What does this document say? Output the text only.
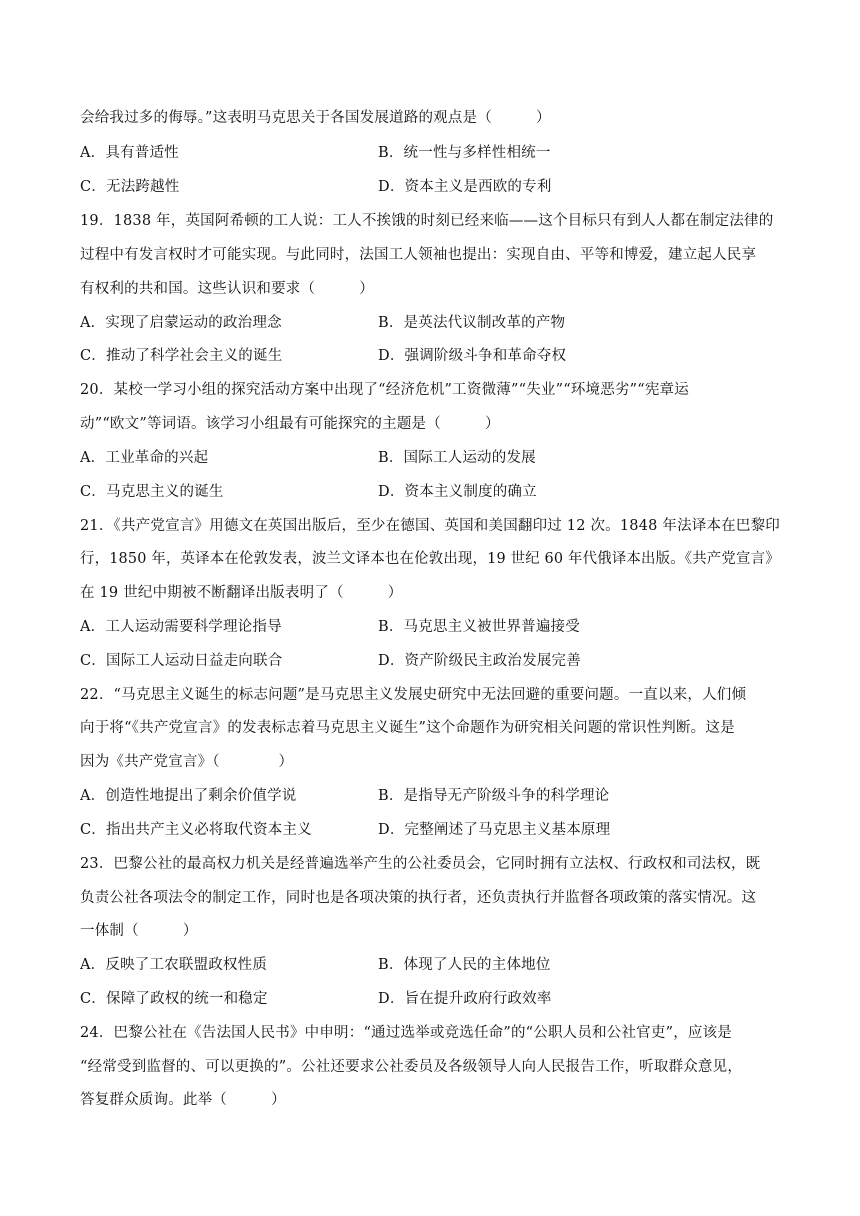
会给我过多的侮辱。”这表明马克思关于各国发展道路的观点是（　　　）
A．具有普适性	B．统一性与多样性相统一
C．无法跨越性	D．资本主义是西欧的专利
19．1838 年，英国阿希顿的工人说：工人不挨饿的时刻已经来临——这个目标只有到人人都在制定法律的
过程中有发言权时才可能实现。与此同时，法国工人领袖也提出：实现自由、平等和博爱，建立起人民享
有权利的共和国。这些认识和要求（　　　）
A．实现了启蒙运动的政治理念	B．是英法代议制改革的产物
C．推动了科学社会主义的诞生	D．强调阶级斗争和革命夺权
20．某校一学习小组的探究活动方案中出现了“经济危机”工资微薄”“失业”“环境恶劣”“宪章运
动”“欧文”等词语。该学习小组最有可能探究的主题是（　　　）
A．工业革命的兴起	B．国际工人运动的发展
C．马克思主义的诞生	D．资本主义制度的确立
21．《共产党宣言》用德文在英国出版后，至少在德国、英国和美国翻印过 12 次。1848 年法译本在巴黎印
行，1850 年，英译本在伦敦发表，波兰文译本也在伦敦出现，19 世纪 60 年代俄译本出版。《共产党宣言》
在 19 世纪中期被不断翻译出版表明了（　　　）
A．工人运动需要科学理论指导	B．马克思主义被世界普遍接受
C．国际工人运动日益走向联合	D．资产阶级民主政治发展完善
22．“马克思主义诞生的标志问题”是马克思主义发展史研究中无法回避的重要问题。一直以来，人们倾
向于将“《共产党宣言》的发表标志着马克思主义诞生”这个命题作为研究相关问题的常识性判断。这是
因为《共产党宣言》（　　　　）
A．创造性地提出了剩余价值学说	B．是指导无产阶级斗争的科学理论
C．指出共产主义必将取代资本主义	D．完整阐述了马克思主义基本原理
23．巴黎公社的最高权力机关是经普遍选举产生的公社委员会，它同时拥有立法权、行政权和司法权，既
负责公社各项法令的制定工作，同时也是各项决策的执行者，还负责执行并监督各项政策的落实情况。这
一体制（　　　）
A．反映了工农联盟政权性质	B．体现了人民的主体地位
C．保障了政权的统一和稳定	D．旨在提升政府行政效率
24．巴黎公社在《告法国人民书》中申明：“通过选举或竞选任命”的“公职人员和公社官吏”，应该是
“经常受到监督的、可以更换的”。公社还要求公社委员及各级领导人向人民报告工作，听取群众意见，
答复群众质询。此举（　　　）
